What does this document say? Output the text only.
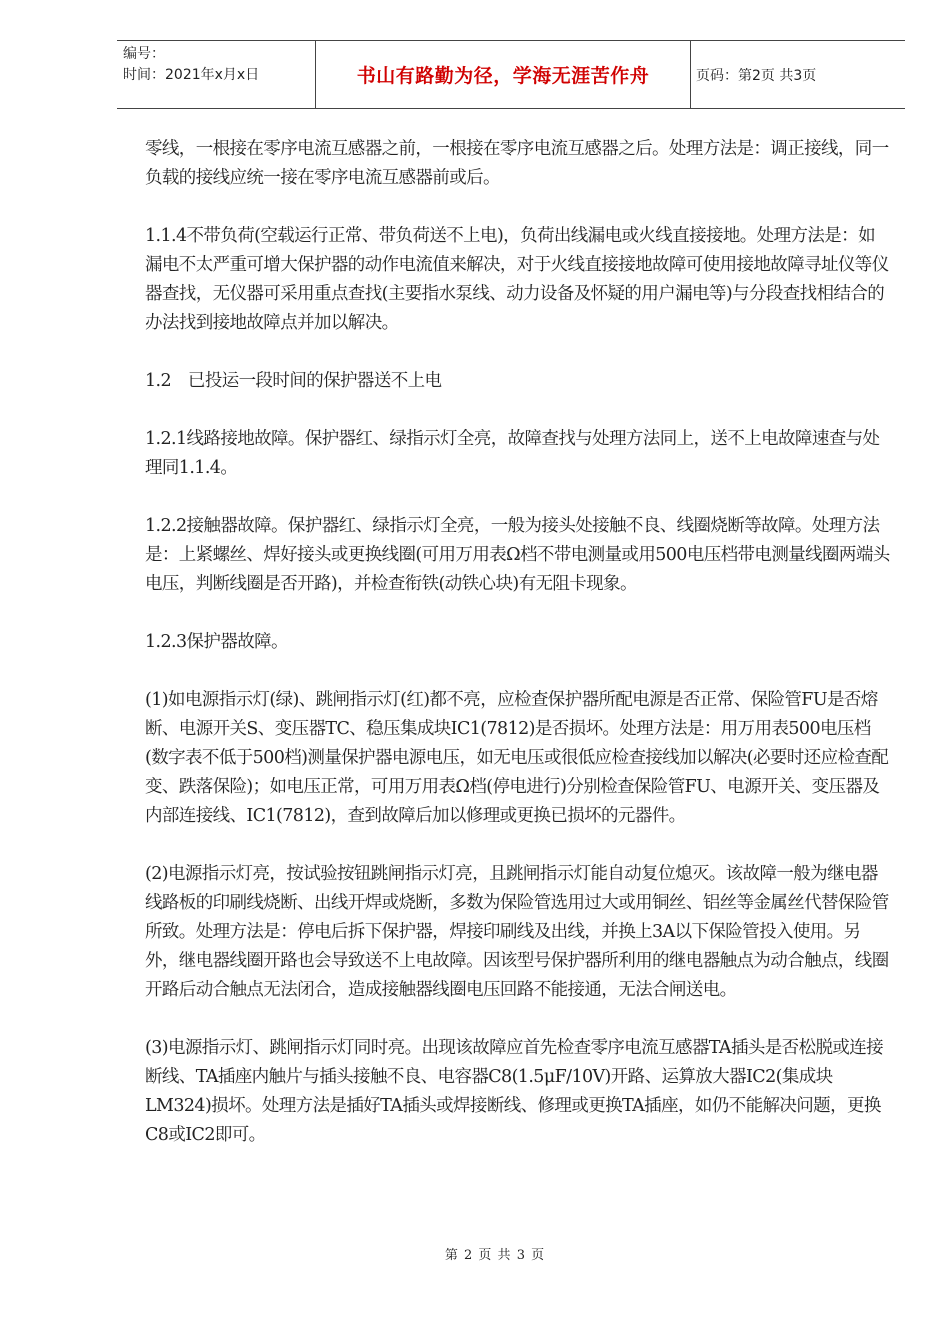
编号：
时间：2021年x月x日	书山有路勤为径，学海无涯苦作舟	页码：第2页 共3页

零线，一根接在零序电流互感器之前，一根接在零序电流互感器之后。处理方法是：调正接线，同一负载的接线应统一接在零序电流互感器前或后。

1.1.4不带负荷(空载运行正常、带负荷送不上电)，负荷出线漏电或火线直接接地。处理方法是：如漏电不太严重可增大保护器的动作电流值来解决，对于火线直接接地故障可使用接地故障寻址仪等仪器查找，无仪器可采用重点查找(主要指水泵线、动力设备及怀疑的用户漏电等)与分段查找相结合的办法找到接地故障点并加以解决。

1.2　已投运一段时间的保护器送不上电

1.2.1线路接地故障。保护器红、绿指示灯全亮，故障查找与处理方法同上，送不上电故障速查与处理同1.1.4。

1.2.2接触器故障。保护器红、绿指示灯全亮，一般为接头处接触不良、线圈烧断等故障。处理方法是：上紧螺丝、焊好接头或更换线圈(可用万用表Ω档不带电测量或用500电压档带电测量线圈两端头电压，判断线圈是否开路)，并检查衔铁(动铁心块)有无阻卡现象。

1.2.3保护器故障。

(1)如电源指示灯(绿)、跳闸指示灯(红)都不亮，应检查保护器所配电源是否正常、保险管FU是否熔断、电源开关S、变压器TC、稳压集成块IC1(7812)是否损坏。处理方法是：用万用表500电压档(数字表不低于500档)测量保护器电源电压，如无电压或很低应检查接线加以解决(必要时还应检查配变、跌落保险)；如电压正常，可用万用表Ω档(停电进行)分别检查保险管FU、电源开关、变压器及内部连接线、IC1(7812)，查到故障后加以修理或更换已损坏的元器件。

(2)电源指示灯亮，按试验按钮跳闸指示灯亮，且跳闸指示灯能自动复位熄灭。该故障一般为继电器线路板的印刷线烧断、出线开焊或烧断，多数为保险管选用过大或用铜丝、铝丝等金属丝代替保险管所致。处理方法是：停电后拆下保护器，焊接印刷线及出线，并换上3A以下保险管投入使用。另外，继电器线圈开路也会导致送不上电故障。因该型号保护器所利用的继电器触点为动合触点，线圈开路后动合触点无法闭合，造成接触器线圈电压回路不能接通，无法合闸送电。

(3)电源指示灯、跳闸指示灯同时亮。出现该故障应首先检查零序电流互感器TA插头是否松脱或连接断线、TA插座内触片与插头接触不良、电容器C8(1.5μF/10V)开路、运算放大器IC2(集成块LM324)损坏。处理方法是插好TA插头或焊接断线、修理或更换TA插座，如仍不能解决问题，更换C8或IC2即可。

第 2 页 共 3 页
